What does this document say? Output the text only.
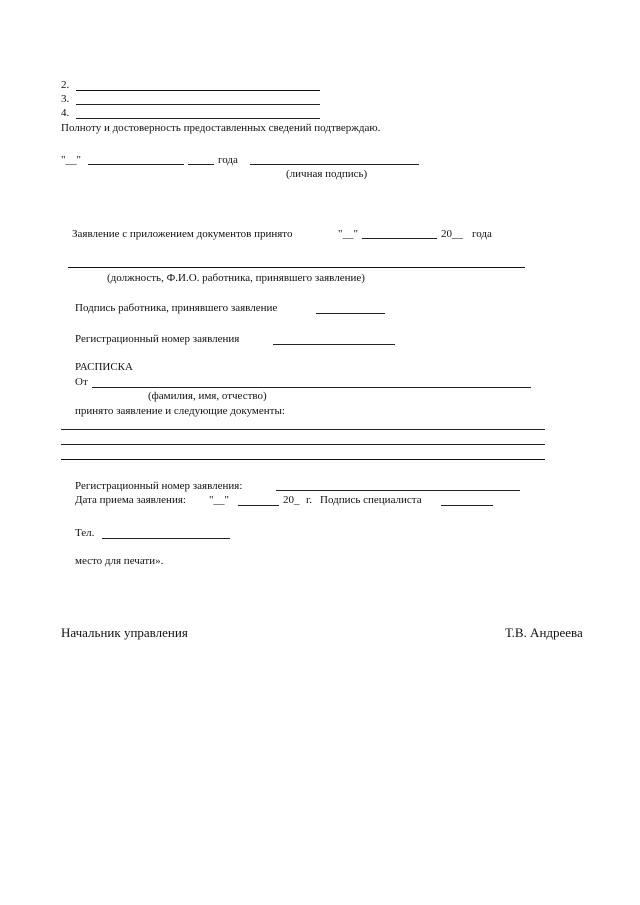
2.
3.
4.
Полноту и достоверность предоставленных сведений подтверждаю.
"__"	года
(личная подпись)
Заявление с приложением документов принято	"__"	20__ года
(должность, Ф.И.О. работника, принявшего заявление)
Подпись работника, принявшего заявление
Регистрационный номер заявления
РАСПИСКА
От
(фамилия, имя, отчество)
принято заявление и следующие документы:
Регистрационный номер заявления:
Дата приема заявления: "__"	20_ г. Подпись специалиста
Тел.
место для печати».
Начальник управления	Т.В. Андреева
